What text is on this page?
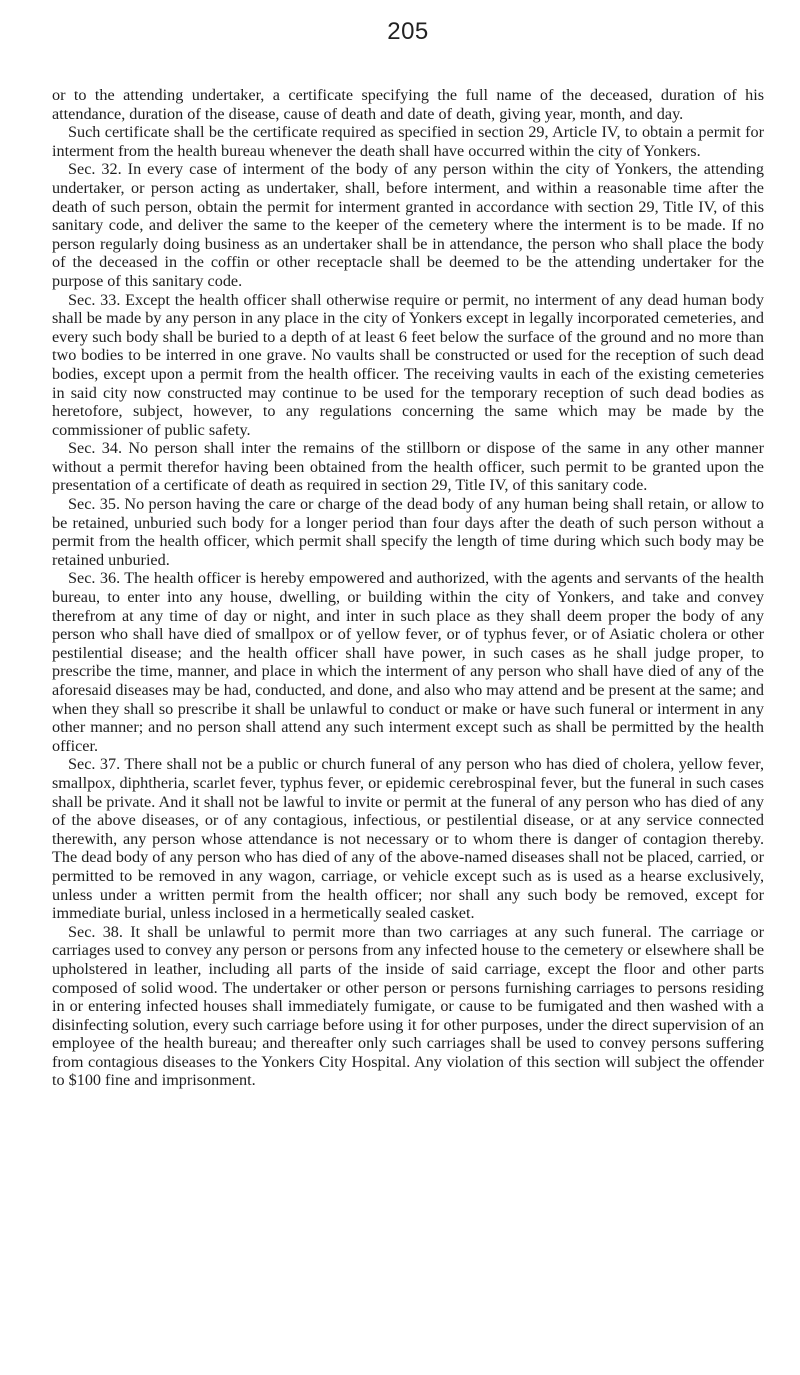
205

or to the attending undertaker, a certificate specifying the full name of the deceased, duration of his attendance, duration of the disease, cause of death and date of death, giving year, month, and day.

Such certificate shall be the certificate required as specified in section 29, Article IV, to obtain a permit for interment from the health bureau whenever the death shall have occurred within the city of Yonkers.

Sec. 32. In every case of interment of the body of any person within the city of Yonkers, the attending undertaker, or person acting as undertaker, shall, before interment, and within a reasonable time after the death of such person, obtain the permit for interment granted in accordance with section 29, Title IV, of this sanitary code, and deliver the same to the keeper of the cemetery where the interment is to be made. If no person regularly doing business as an undertaker shall be in attendance, the person who shall place the body of the deceased in the coffin or other receptacle shall be deemed to be the attending undertaker for the purpose of this sanitary code.

Sec. 33. Except the health officer shall otherwise require or permit, no interment of any dead human body shall be made by any person in any place in the city of Yonkers except in legally incorporated cemeteries, and every such body shall be buried to a depth of at least 6 feet below the surface of the ground and no more than two bodies to be interred in one grave. No vaults shall be constructed or used for the reception of such dead bodies, except upon a permit from the health officer. The receiving vaults in each of the existing cemeteries in said city now constructed may continue to be used for the temporary reception of such dead bodies as heretofore, subject, however, to any regulations concerning the same which may be made by the commissioner of public safety.

Sec. 34. No person shall inter the remains of the stillborn or dispose of the same in any other manner without a permit therefor having been obtained from the health officer, such permit to be granted upon the presentation of a certificate of death as required in section 29, Title IV, of this sanitary code.

Sec. 35. No person having the care or charge of the dead body of any human being shall retain, or allow to be retained, unburied such body for a longer period than four days after the death of such person without a permit from the health officer, which permit shall specify the length of time during which such body may be retained unburied.

Sec. 36. The health officer is hereby empowered and authorized, with the agents and servants of the health bureau, to enter into any house, dwelling, or building within the city of Yonkers, and take and convey therefrom at any time of day or night, and inter in such place as they shall deem proper the body of any person who shall have died of smallpox or of yellow fever, or of typhus fever, or of Asiatic cholera or other pestilential disease; and the health officer shall have power, in such cases as he shall judge proper, to prescribe the time, manner, and place in which the interment of any person who shall have died of any of the aforesaid diseases may be had, conducted, and done, and also who may attend and be present at the same; and when they shall so prescribe it shall be unlawful to conduct or make or have such funeral or interment in any other manner; and no person shall attend any such interment except such as shall be permitted by the health officer.

Sec. 37. There shall not be a public or church funeral of any person who has died of cholera, yellow fever, smallpox, diphtheria, scarlet fever, typhus fever, or epidemic cerebrospinal fever, but the funeral in such cases shall be private. And it shall not be lawful to invite or permit at the funeral of any person who has died of any of the above diseases, or of any contagious, infectious, or pestilential disease, or at any service connected therewith, any person whose attendance is not necessary or to whom there is danger of contagion thereby. The dead body of any person who has died of any of the above-named diseases shall not be placed, carried, or permitted to be removed in any wagon, carriage, or vehicle except such as is used as a hearse exclusively, unless under a written permit from the health officer; nor shall any such body be removed, except for immediate burial, unless inclosed in a hermetically sealed casket.

Sec. 38. It shall be unlawful to permit more than two carriages at any such funeral. The carriage or carriages used to convey any person or persons from any infected house to the cemetery or elsewhere shall be upholstered in leather, including all parts of the inside of said carriage, except the floor and other parts composed of solid wood. The undertaker or other person or persons furnishing carriages to persons residing in or entering infected houses shall immediately fumigate, or cause to be fumigated and then washed with a disinfecting solution, every such carriage before using it for other purposes, under the direct supervision of an employee of the health bureau; and thereafter only such carriages shall be used to convey persons suffering from contagious diseases to the Yonkers City Hospital. Any violation of this section will subject the offender to $100 fine and imprisonment.
